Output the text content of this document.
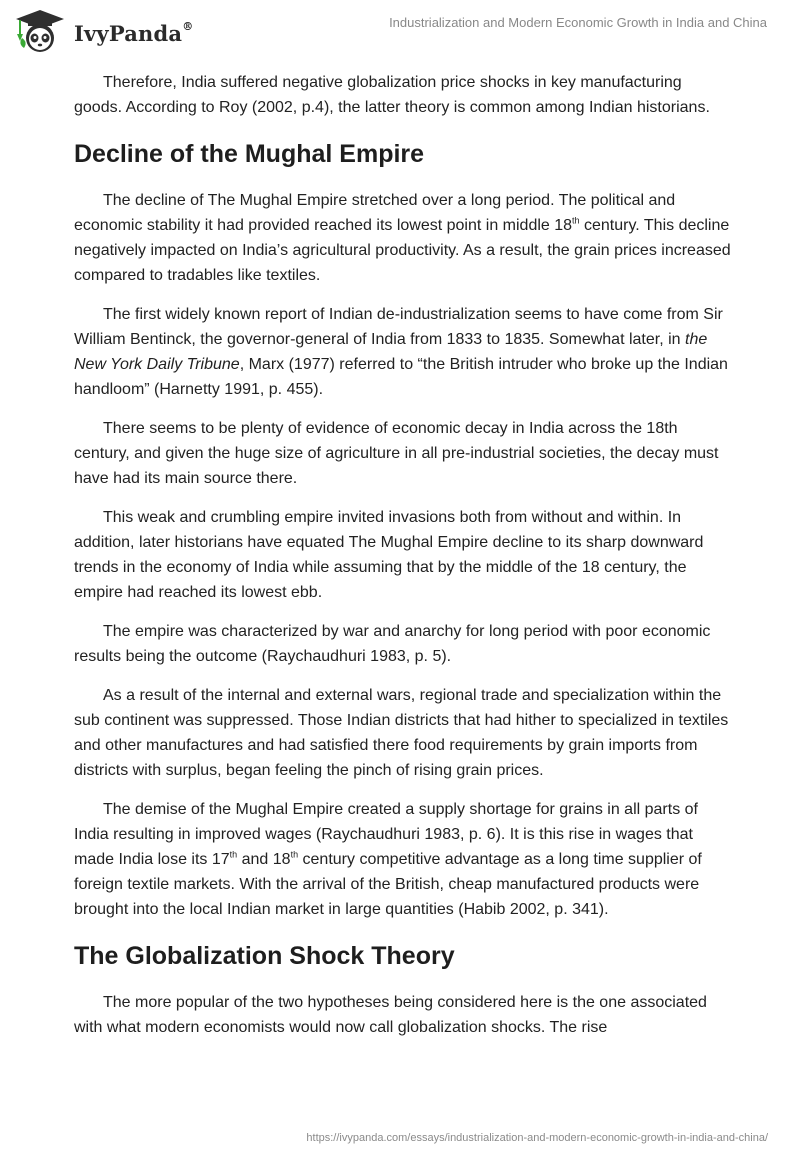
IvyPanda®	Industrialization and Modern Economic Growth in India and China

Therefore, India suffered negative globalization price shocks in key manufacturing goods. According to Roy (2002, p.4), the latter theory is common among Indian historians.

Decline of the Mughal Empire

The decline of The Mughal Empire stretched over a long period. The political and economic stability it had provided reached its lowest point in middle 18th century. This decline negatively impacted on India’s agricultural productivity. As a result, the grain prices increased compared to tradables like textiles.

The first widely known report of Indian de-industrialization seems to have come from Sir William Bentinck, the governor-general of India from 1833 to 1835. Somewhat later, in the New York Daily Tribune, Marx (1977) referred to “the British intruder who broke up the Indian handloom” (Harnetty 1991, p. 455).

There seems to be plenty of evidence of economic decay in India across the 18th century, and given the huge size of agriculture in all pre-industrial societies, the decay must have had its main source there.

This weak and crumbling empire invited invasions both from without and within. In addition, later historians have equated The Mughal Empire decline to its sharp downward trends in the economy of India while assuming that by the middle of the 18 century, the empire had reached its lowest ebb.

The empire was characterized by war and anarchy for long period with poor economic results being the outcome (Raychaudhuri 1983, p. 5).

As a result of the internal and external wars, regional trade and specialization within the sub continent was suppressed. Those Indian districts that had hither to specialized in textiles and other manufactures and had satisfied there food requirements by grain imports from districts with surplus, began feeling the pinch of rising grain prices.

The demise of the Mughal Empire created a supply shortage for grains in all parts of India resulting in improved wages (Raychaudhuri 1983, p. 6). It is this rise in wages that made India lose its 17th and 18th century competitive advantage as a long time supplier of foreign textile markets. With the arrival of the British, cheap manufactured products were brought into the local Indian market in large quantities (Habib 2002, p. 341).

The Globalization Shock Theory

The more popular of the two hypotheses being considered here is the one associated with what modern economists would now call globalization shocks. The rise

https://ivypanda.com/essays/industrialization-and-modern-economic-growth-in-india-and-china/
